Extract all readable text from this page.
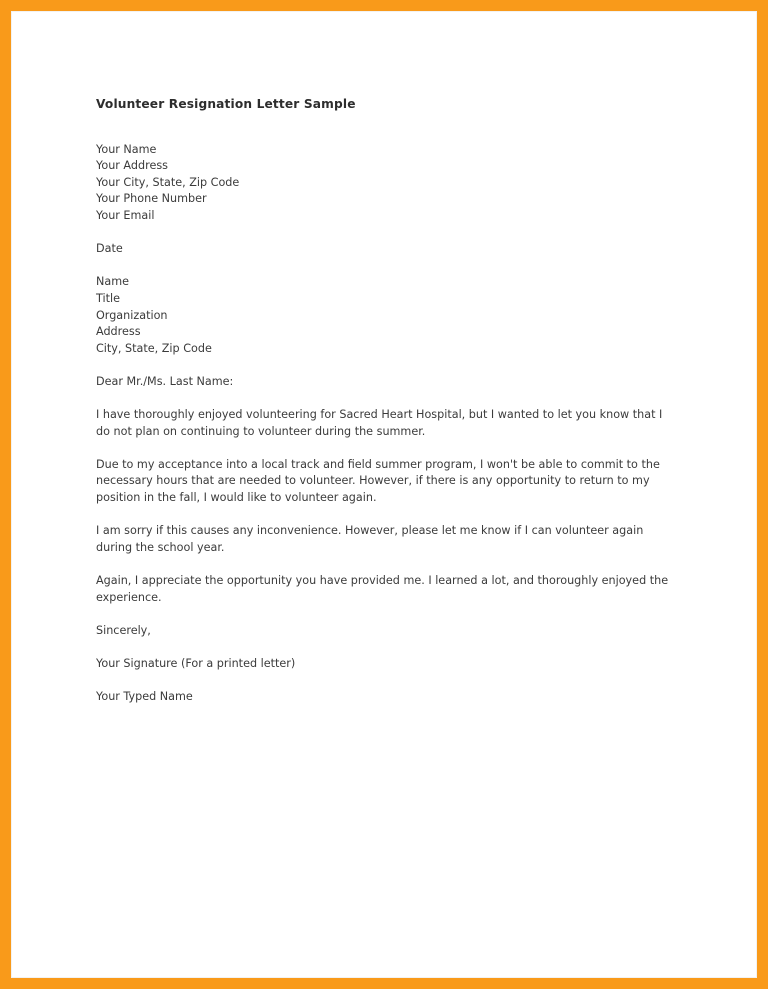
Volunteer Resignation Letter Sample
Your Name
Your Address
Your City, State, Zip Code
Your Phone Number
Your Email
Date
Name
Title
Organization
Address
City, State, Zip Code

Dear Mr./Ms. Last Name:

I have thoroughly enjoyed volunteering for Sacred Heart Hospital, but I wanted to let you know that I do not plan on continuing to volunteer during the summer.

Due to my acceptance into a local track and field summer program, I won't be able to commit to the necessary hours that are needed to volunteer. However, if there is any opportunity to return to my position in the fall, I would like to volunteer again.

I am sorry if this causes any inconvenience. However, please let me know if I can volunteer again during the school year.

Again, I appreciate the opportunity you have provided me. I learned a lot, and thoroughly enjoyed the experience.

Sincerely,

Your Signature (For a printed letter)

Your Typed Name
